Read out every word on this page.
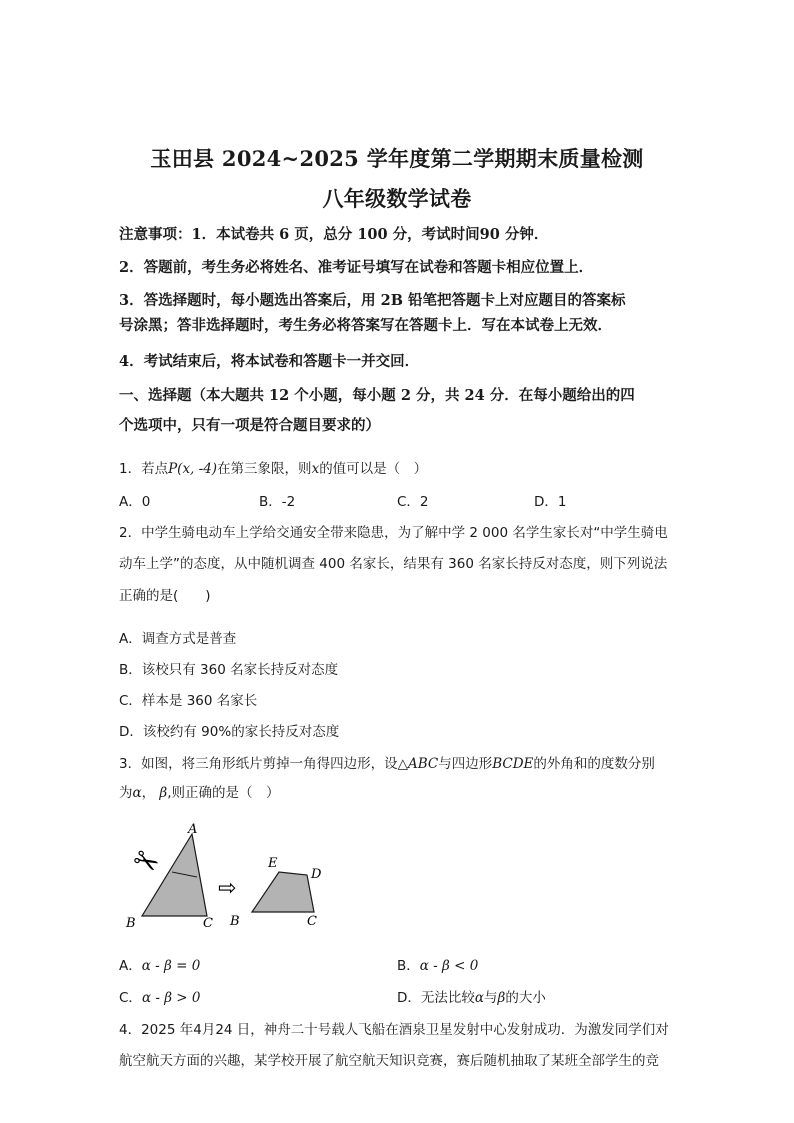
玉田县 2024~2025 学年度第二学期期末质量检测
八年级数学试卷
注意事项：1．本试卷共 6 页，总分 100 分，考试时间90 分钟．
2．答题前，考生务必将姓名、准考证号填写在试卷和答题卡相应位置上．
3．答选择题时，每小题选出答案后，用 2B 铅笔把答题卡上对应题目的答案标
号涂黑；答非选择题时，考生务必将答案写在答题卡上．写在本试卷上无效．
4．考试结束后，将本试卷和答题卡一并交回．
一、选择题（本大题共 12 个小题，每小题 2 分，共 24 分．在每小题给出的四
个选项中，只有一项是符合题目要求的）
1．若点P(x, -4)在第三象限，则x的值可以是（　）
A．0	B．-2	C．2	D．1
2．中学生骑电动车上学给交通安全带来隐患，为了解中学 2 000 名学生家长对“中学生骑电
动车上学”的态度，从中随机调查 400 名家长，结果有 360 名家长持反对态度，则下列说法
正确的是(　　)
A．调查方式是普查
B．该校只有 360 名家长持反对态度
C．样本是 360 名家长
D．该校约有 90%的家长持反对态度
3．如图，将三角形纸片剪掉一角得四边形，设△ABC与四边形BCDE的外角和的度数分别
为α， β,则正确的是（　）
✂
A
B	C
⇨
E
D
B	C
A．α - β = 0	B．α - β < 0
C．α - β > 0	D．无法比较α与β的大小
4．2025 年4月24 日，神舟二十号载人飞船在酒泉卫星发射中心发射成功．为激发同学们对
航空航天方面的兴趣，某学校开展了航空航天知识竞赛，赛后随机抽取了某班全部学生的竞
